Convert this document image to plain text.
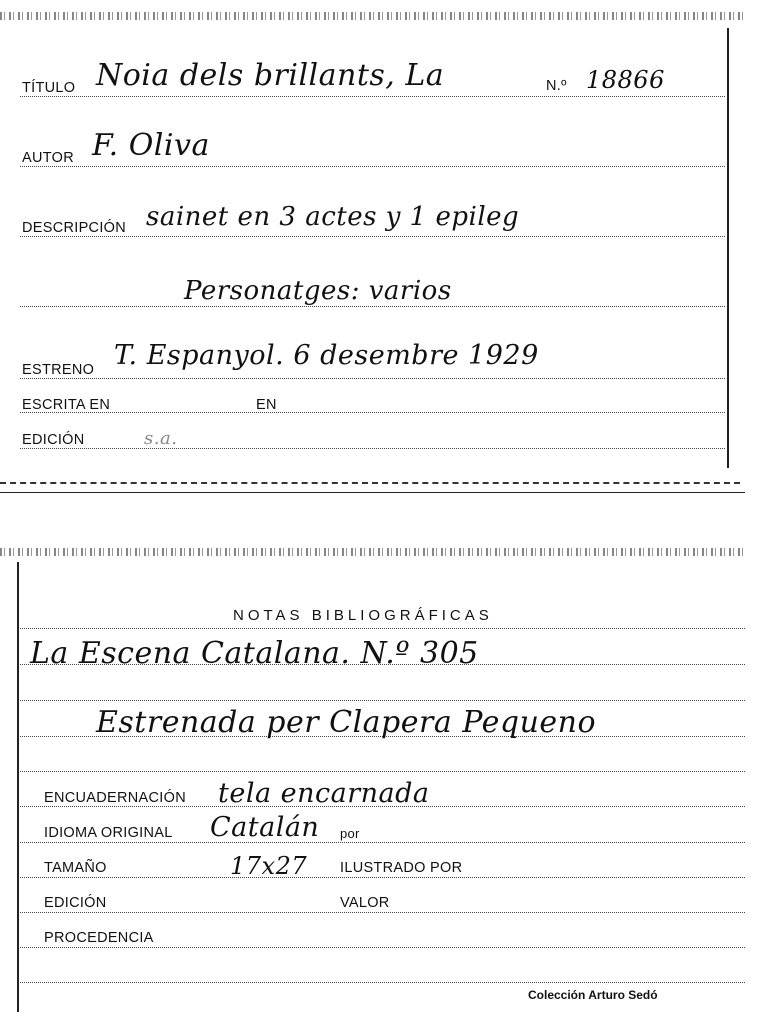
TÍTULO Noia dels brillants, La	N.º 18866
AUTOR F. Oliva
DESCRIPCIÓN sainet en 3 actes y 1 epileg
Personatges: varios
ESTRENO T. Espanyol. 6 desembre 1929
ESCRITA EN	EN
EDICIÓN	s.a.
NOTAS BIBLIOGRÁFICAS
La Escena Catalana. N.º 305
Estrenada per Clapera Pequeno
ENCUADERNACIÓN tela encarnada
IDIOMA ORIGINAL Catalán por
TAMAÑO	17x27 ILUSTRADO POR
EDICIÓN	VALOR
PROCEDENCIA
Colección Arturo Sedó
